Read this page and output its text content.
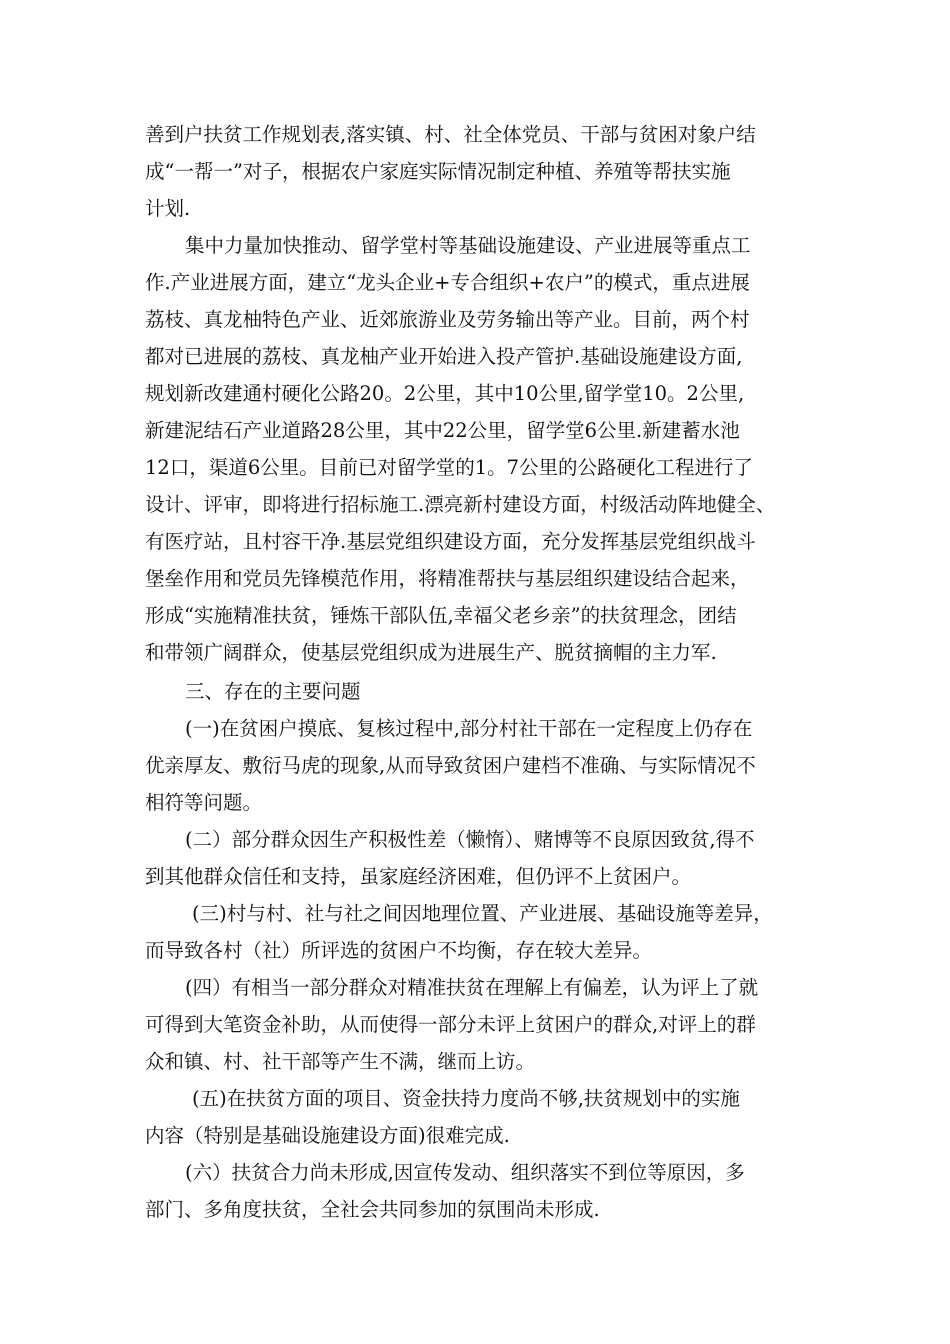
善到户扶贫工作规划表,落实镇、村、社全体党员、干部与贫困对象户结
成“一帮一”对子，根据农户家庭实际情况制定种植、养殖等帮扶实施
计划.
集中力量加快推动、留学堂村等基础设施建设、产业进展等重点工
作.产业进展方面，建立“龙头企业+专合组织+农户”的模式，重点进展
荔枝、真龙柚特色产业、近郊旅游业及劳务输出等产业。目前，两个村
都对已进展的荔枝、真龙柚产业开始进入投产管护.基础设施建设方面,
规划新改建通村硬化公路20。2公里，其中10公里,留学堂10。2公里,
新建泥结石产业道路28公里，其中22公里，留学堂6公里.新建蓄水池
12口，渠道6公里。目前已对留学堂的1。7公里的公路硬化工程进行了
设计、评审，即将进行招标施工.漂亮新村建设方面，村级活动阵地健全、
有医疗站，且村容干净.基层党组织建设方面，充分发挥基层党组织战斗
堡垒作用和党员先锋模范作用，将精准帮扶与基层组织建设结合起来，
形成“实施精准扶贫，锤炼干部队伍,幸福父老乡亲”的扶贫理念，团结
和带领广阔群众，使基层党组织成为进展生产、脱贫摘帽的主力军.
三、存在的主要问题
(一)在贫困户摸底、复核过程中,部分村社干部在一定程度上仍存在
优亲厚友、敷衍马虎的现象,从而导致贫困户建档不准确、与实际情况不
相符等问题。
(二）部分群众因生产积极性差（懒惰）、赌博等不良原因致贫,得不
到其他群众信任和支持，虽家庭经济困难，但仍评不上贫困户。
(三)村与村、社与社之间因地理位置、产业进展、基础设施等差异，
而导致各村（社）所评选的贫困户不均衡，存在较大差异。
(四）有相当一部分群众对精准扶贫在理解上有偏差，认为评上了就
可得到大笔资金补助，从而使得一部分未评上贫困户的群众,对评上的群
众和镇、村、社干部等产生不满，继而上访。
(五)在扶贫方面的项目、资金扶持力度尚不够,扶贫规划中的实施
内容（特别是基础设施建设方面)很难完成.
(六）扶贫合力尚未形成,因宣传发动、组织落实不到位等原因，多
部门、多角度扶贫，全社会共同参加的氛围尚未形成.
